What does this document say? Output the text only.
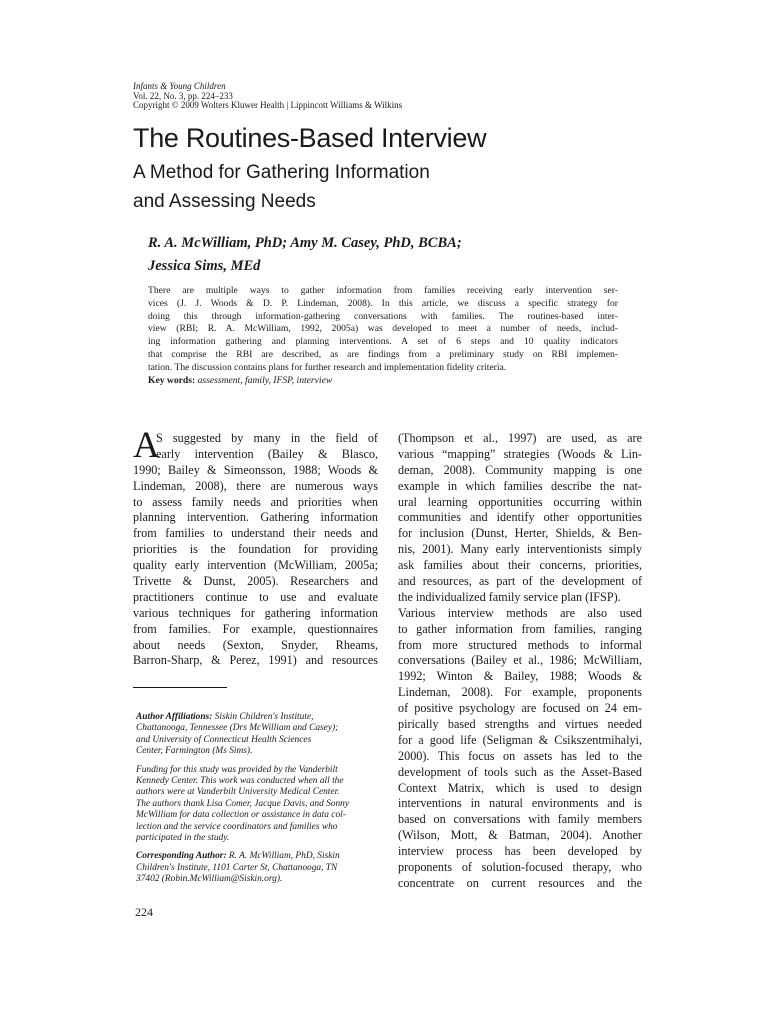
Infants & Young Children
Vol. 22, No. 3, pp. 224–233
Copyright © 2009 Wolters Kluwer Health | Lippincott Williams & Wilkins
The Routines-Based Interview
A Method for Gathering Information
and Assessing Needs
R. A. McWilliam, PhD; Amy M. Casey, PhD, BCBA;
Jessica Sims, MEd
There are multiple ways to gather information from families receiving early intervention ser-
vices (J. J. Woods & D. P. Lindeman, 2008). In this article, we discuss a specific strategy for
doing this through information-gathering conversations with families. The routines-based inter-
view (RBI; R. A. McWilliam, 1992, 2005a) was developed to meet a number of needs, includ-
ing information gathering and planning interventions. A set of 6 steps and 10 quality indicators
that comprise the RBI are described, as are findings from a preliminary study on RBI implemen-
tation. The discussion contains plans for further research and implementation fidelity criteria.
Key words: assessment, family, IFSP, interview
A
S suggested by many in the field of
early intervention (Bailey & Blasco,
1990; Bailey & Simeonsson, 1988; Woods &
Lindeman, 2008), there are numerous ways
to assess family needs and priorities when
planning intervention. Gathering information
from families to understand their needs and
priorities is the foundation for providing
quality early intervention (McWilliam, 2005a;
Trivette & Dunst, 2005). Researchers and
practitioners continue to use and evaluate
various techniques for gathering information
from families. For example, questionnaires
about needs (Sexton, Snyder, Rheams,
Barron-Sharp, & Perez, 1991) and resources
(Thompson et al., 1997) are used, as are
various “mapping” strategies (Woods & Lin-
deman, 2008). Community mapping is one
example in which families describe the nat-
ural learning opportunities occurring within
communities and identify other opportunities
for inclusion (Dunst, Herter, Shields, & Ben-
nis, 2001). Many early interventionists simply
ask families about their concerns, priorities,
and resources, as part of the development of
the individualized family service plan (IFSP).
Various interview methods are also used
to gather information from families, ranging
from more structured methods to informal
conversations (Bailey et al., 1986; McWilliam,
1992; Winton & Bailey, 1988; Woods &
Lindeman, 2008). For example, proponents
of positive psychology are focused on 24 em-
pirically based strengths and virtues needed
for a good life (Seligman & Csikszentmihalyi,
2000). This focus on assets has led to the
development of tools such as the Asset-Based
Context Matrix, which is used to design
interventions in natural environments and is
based on conversations with family members
(Wilson, Mott, & Batman, 2004). Another
interview process has been developed by
proponents of solution-focused therapy, who
concentrate on current resources and the
Author Affiliations: Siskin Children's Institute,
Chattanooga, Tennessee (Drs McWilliam and Casey);
and University of Connecticut Health Sciences
Center, Farmington (Ms Sims).
Funding for this study was provided by the Vanderbilt
Kennedy Center. This work was conducted when all the
authors were at Vanderbilt University Medical Center.
The authors thank Lisa Comer, Jacque Davis, and Sonny
McWilliam for data collection or assistance in data col-
lection and the service coordinators and families who
participated in the study.
Corresponding Author: R. A. McWilliam, PhD, Siskin
Children's Institute, 1101 Carter St, Chattanooga, TN
37402 (Robin.McWilliam@Siskin.org).
224
